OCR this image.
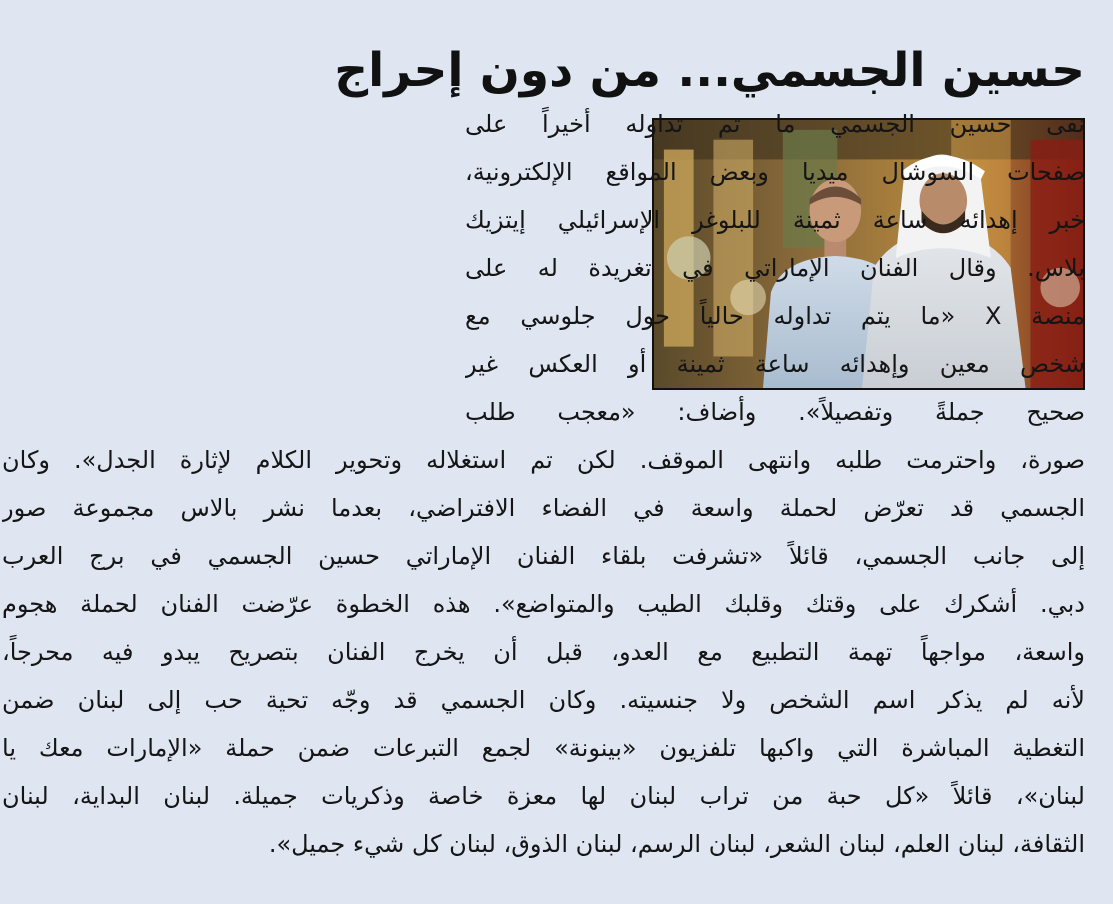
حسين الجسمي... من دون إحراج

نفى حسين الجسمي ما تم تداوله أخيراً على

صفحات السوشال ميديا وبعض المواقع الإلكترونية،

خبر إهدائه ساعة ثمينة للبلوغر الإسرائيلي إيتزيك

بلاس. وقال الفنان الإماراتي في تغريدة له على

منصة X «ما يتم تداوله حالياً حول جلوسي مع

شخص معين وإهدائه ساعة ثمينة أو العكس غير

صحيح جملةً وتفصيلاً». وأضاف: «معجب طلب

صورة، واحترمت طلبه وانتهى الموقف. لكن تم استغلاله وتحوير الكلام لإثارة الجدل». وكان

الجسمي قد تعرّض لحملة واسعة في الفضاء الافتراضي، بعدما نشر بالاس مجموعة صور

إلى جانب الجسمي، قائلاً «تشرفت بلقاء الفنان الإماراتي حسين الجسمي في برج العرب

دبي. أشكرك على وقتك وقلبك الطيب والمتواضع». هذه الخطوة عرّضت الفنان لحملة هجوم

واسعة، مواجهاً تهمة التطبيع مع العدو، قبل أن يخرج الفنان بتصريح يبدو فيه محرجاً،

لأنه لم يذكر اسم الشخص ولا جنسيته. وكان الجسمي قد وجّه تحية حب إلى لبنان ضمن

التغطية المباشرة التي واكبها تلفزيون «بينونة» لجمع التبرعات ضمن حملة «الإمارات معك يا

لبنان»، قائلاً «كل حبة من تراب لبنان لها معزة خاصة وذكريات جميلة. لبنان البداية، لبنان

الثقافة، لبنان العلم، لبنان الشعر، لبنان الرسم، لبنان الذوق، لبنان كل شيء جميل».
